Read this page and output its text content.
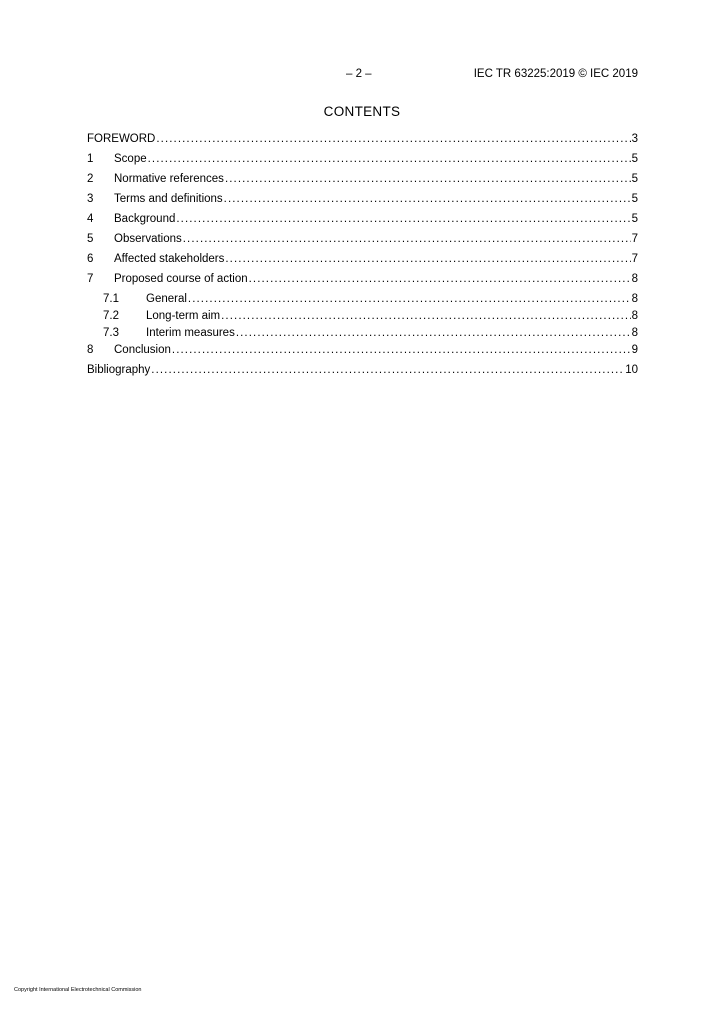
– 2 –	IEC TR 63225:2019 © IEC 2019
CONTENTS
FOREWORD .....	3
1	Scope .....	5
2	Normative references .....	5
3	Terms and definitions .....	5
4	Background .....	5
5	Observations .....	7
6	Affected stakeholders .....	7
7	Proposed course of action .....	8
7.1	General .....	8
7.2	Long-term aim .....	8
7.3	Interim measures .....	8
8	Conclusion .....	9
Bibliography .....	10
Copyright International Electrotechnical Commission
